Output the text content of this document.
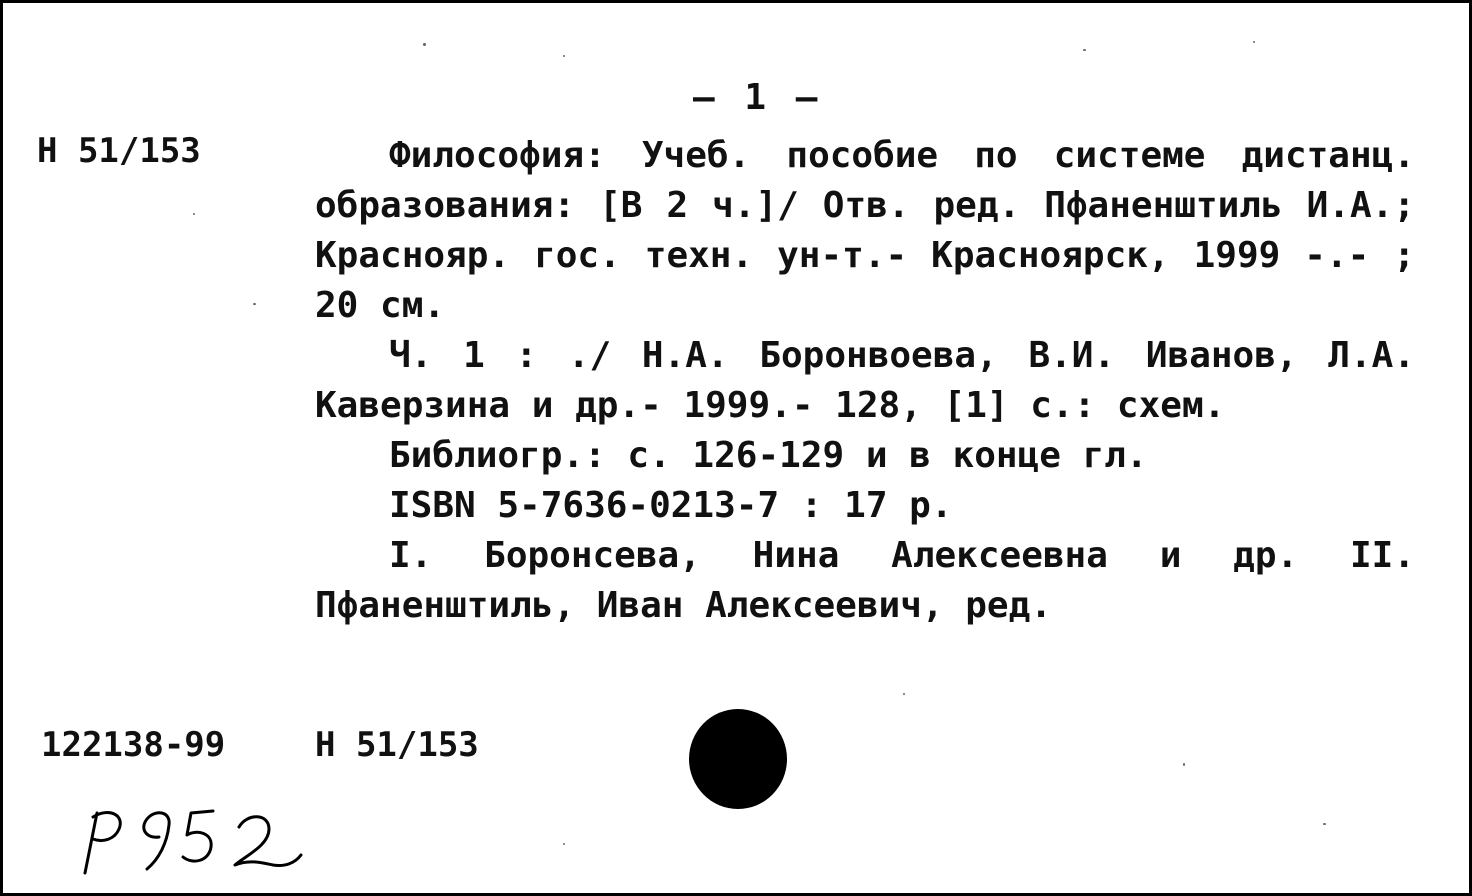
— 1 —
Н 51/153	Философия: Учеб. пособие по системе дистанц. образования: [В 2 ч.]/ Отв. ред. Пфаненштиль И.А.; Краснояр. гос. техн. ун-т.- Красноярск, 1999 -.- ; 20 см.

Ч. 1 : ./ Н.А. Боронвоева, В.И. Иванов, Л.А. Каверзина и др.- 1999.- 128, [1] с.: схем.

Библиогр.: с. 126-129 и в конце гл.

ISBN 5-7636-0213-7 : 17 р.

I. Боронсева, Нина Алексеевна и др. II. Пфаненштиль, Иван Алексеевич, ред.

122138-99	Н 51/153
